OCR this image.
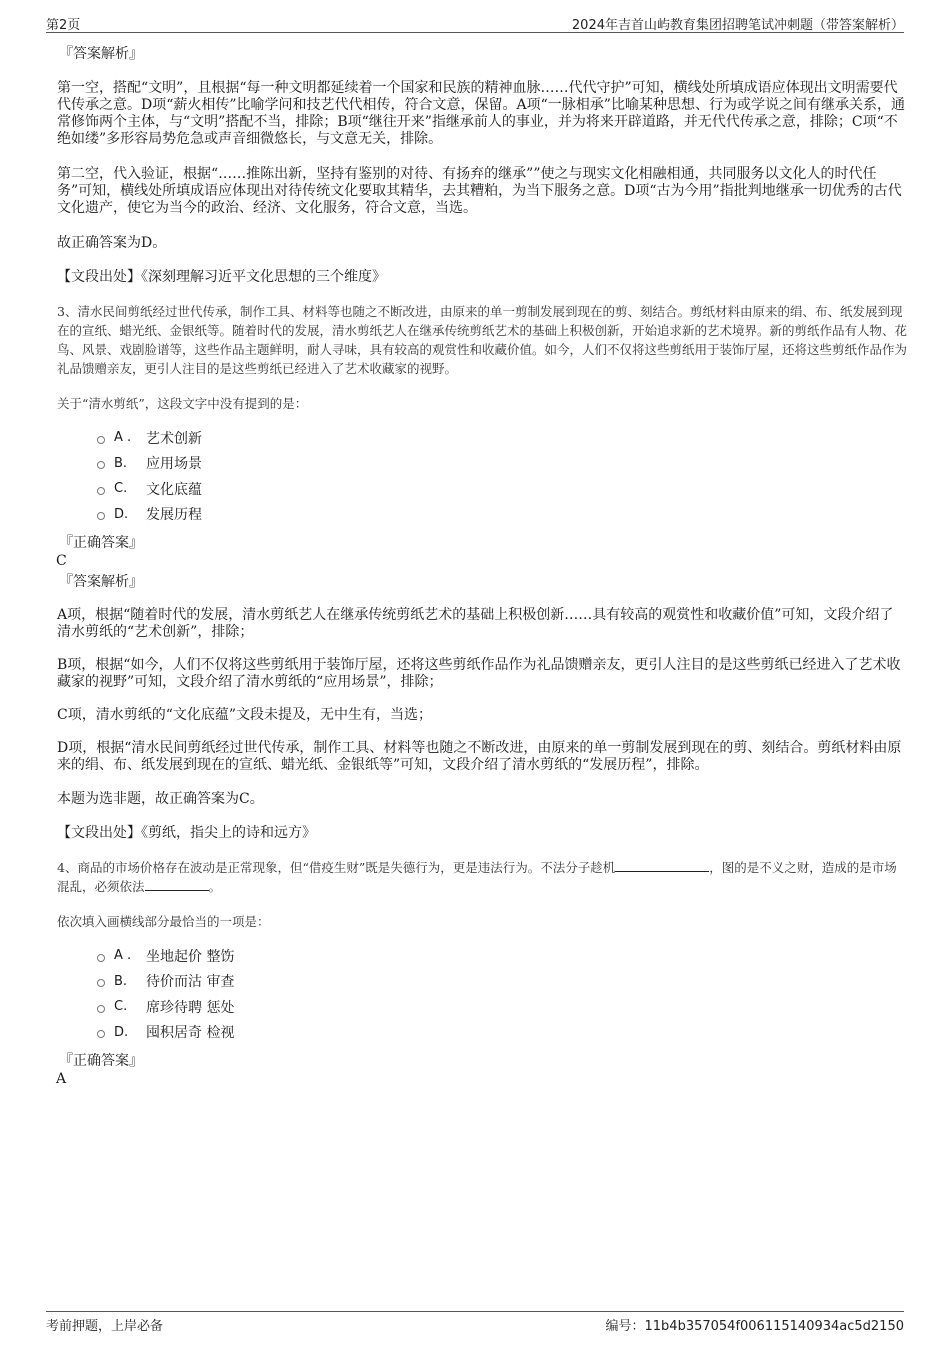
第2页	2024年吉首山屿教育集团招聘笔试冲刺题（带答案解析）
『答案解析』

第一空，搭配“文明”，且根据“每一种文明都延续着一个国家和民族的精神血脉……代代守护”可知，横线处所填成语应体现出文明需要代代传承之意。D项“薪火相传”比喻学问和技艺代代相传，符合文意，保留。A项“一脉相承”比喻某种思想、行为或学说之间有继承关系，通常修饰两个主体，与“文明”搭配不当，排除；B项“继往开来”指继承前人的事业，并为将来开辟道路，并无代代传承之意，排除；C项“不绝如缕”多形容局势危急或声音细微悠长，与文意无关，排除。

第二空，代入验证，根据“……推陈出新，坚持有鉴别的对待、有扬弃的继承””使之与现实文化相融相通，共同服务以文化人的时代任务”可知，横线处所填成语应体现出对待传统文化要取其精华，去其糟粕，为当下服务之意。D项“古为今用”指批判地继承一切优秀的古代文化遗产，使它为当今的政治、经济、文化服务，符合文意，当选。

故正确答案为D。

【文段出处】《深刻理解习近平文化思想的三个维度》

3、清水民间剪纸经过世代传承，制作工具、材料等也随之不断改进，由原来的单一剪制发展到现在的剪、刻结合。剪纸材料由原来的绢、布、纸发展到现在的宣纸、蜡光纸、金银纸等。随着时代的发展，清水剪纸艺人在继承传统剪纸艺术的基础上积极创新，开始追求新的艺术境界。新的剪纸作品有人物、花鸟、风景、戏剧脸谱等，这些作品主题鲜明，耐人寻味，具有较高的观赏性和收藏价值。如今，人们不仅将这些剪纸用于装饰厅屋，还将这些剪纸作品作为礼品馈赠亲友，更引人注目的是这些剪纸已经进入了艺术收藏家的视野。

关于“清水剪纸”，这段文字中没有提到的是：

A .	艺术创新
B.	应用场景
C.	文化底蕴
D.	发展历程
『正确答案』
C
『答案解析』

A项，根据“随着时代的发展，清水剪纸艺人在继承传统剪纸艺术的基础上积极创新……具有较高的观赏性和收藏价值”可知，文段介绍了清水剪纸的“艺术创新”，排除；

B项，根据“如今，人们不仅将这些剪纸用于装饰厅屋，还将这些剪纸作品作为礼品馈赠亲友，更引人注目的是这些剪纸已经进入了艺术收藏家的视野”可知，文段介绍了清水剪纸的“应用场景”，排除；

C项，清水剪纸的“文化底蕴”文段未提及，无中生有，当选；

D项，根据“清水民间剪纸经过世代传承，制作工具、材料等也随之不断改进，由原来的单一剪制发展到现在的剪、刻结合。剪纸材料由原来的绢、布、纸发展到现在的宣纸、蜡光纸、金银纸等”可知，文段介绍了清水剪纸的“发展历程”，排除。

本题为选非题，故正确答案为C。

【文段出处】《剪纸，指尖上的诗和远方》

4、商品的市场价格存在波动是正常现象，但“借疫生财”既是失德行为，更是违法行为。不法分子趁机	，图的是不义之财，造成的是市场混乱，必须依法	。

依次填入画横线部分最恰当的一项是：

A .	坐地起价 整饬
B.	待价而沽 审查
C.	席珍待聘 惩处
D.	囤积居奇 检视
『正确答案』
A
考前押题，上岸必备	编号：11b4b357054f006115140934ac5d2150
